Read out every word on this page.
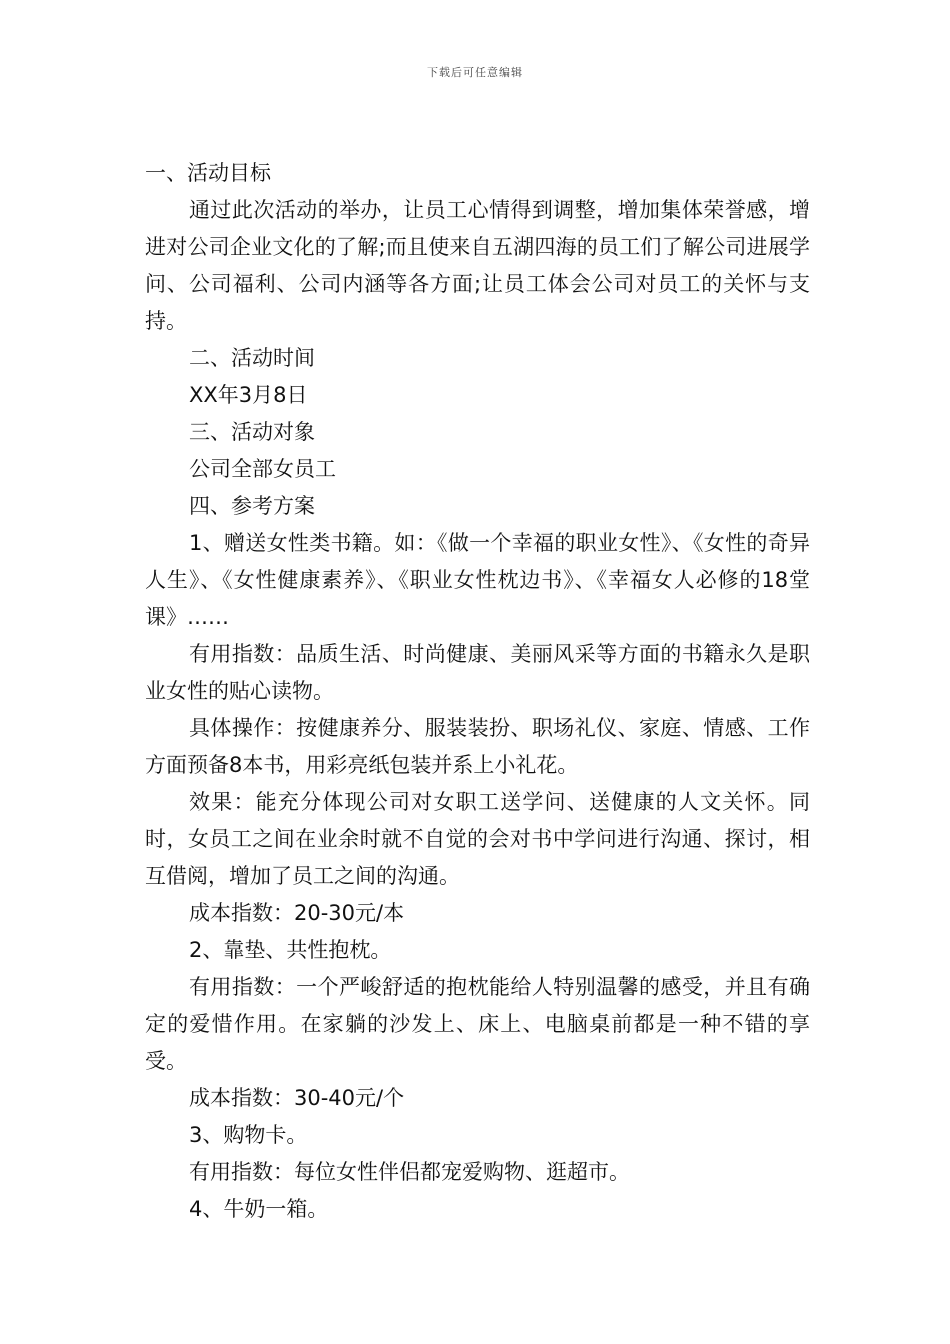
下载后可任意编辑

一、活动目标

通过此次活动的举办，让员工心情得到调整，增加集体荣誉感，增进对公司企业文化的了解;而且使来自五湖四海的员工们了解公司进展学问、公司福利、公司内涵等各方面;让员工体会公司对员工的关怀与支持。

二、活动时间

XX年3月8日

三、活动对象

公司全部女员工

四、参考方案

1、赠送女性类书籍。如：《做一个幸福的职业女性》、《女性的奇异人生》、《女性健康素养》、《职业女性枕边书》、《幸福女人必修的18堂课》……

有用指数：品质生活、时尚健康、美丽风采等方面的书籍永久是职业女性的贴心读物。

具体操作：按健康养分、服装装扮、职场礼仪、家庭、情感、工作方面预备8本书，用彩亮纸包装并系上小礼花。

效果：能充分体现公司对女职工送学问、送健康的人文关怀。同时，女员工之间在业余时就不自觉的会对书中学问进行沟通、探讨，相互借阅，增加了员工之间的沟通。

成本指数：20-30元/本

2、靠垫、共性抱枕。

有用指数：一个严峻舒适的抱枕能给人特别温馨的感受，并且有确定的爱惜作用。在家躺的沙发上、床上、电脑桌前都是一种不错的享受。

成本指数：30-40元/个

3、购物卡。

有用指数：每位女性伴侣都宠爱购物、逛超市。

4、牛奶一箱。
